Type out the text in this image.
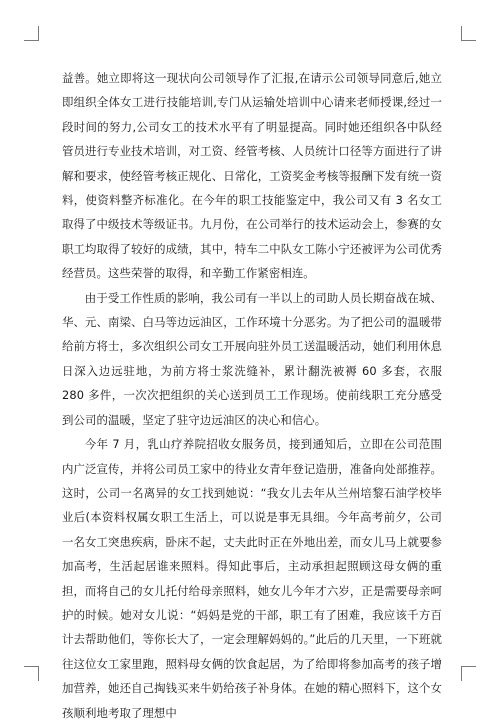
益善。她立即将这一现状向公司领导作了汇报,在请示公司领导同意后,她立即组织全体女工进行技能培训,专门从运输处培训中心请来老师授课,经过一段时间的努力,公司女工的技术水平有了明显提高。同时她还组织各中队经管员进行专业技术培训，对工资、经管考核、人员统计口径等方面进行了讲解和要求，使经管考核正规化、日常化，工资奖金考核等报酬下发有统一资料，使资料整齐标准化。在今年的职工技能鉴定中，我公司又有 3 名女工取得了中级技术等级证书。九月份，在公司举行的技术运动会上，参赛的女职工均取得了较好的成绩，其中，特车二中队女工陈小宁还被评为公司优秀经营员。这些荣誉的取得，和辛勤工作紧密相连。

由于受工作性质的影响，我公司有一半以上的司助人员长期奋战在城、华、元、南梁、白马等边远油区，工作环境十分恶劣。为了把公司的温暖带给前方将士，多次组织公司女工开展向驻外员工送温暖活动，她们利用休息日深入边远驻地，为前方将士浆洗缝补，累计翻洗被褥 60 多套，衣服 280 多件，一次次把组织的关心送到员工工作现场。使前线职工充分感受到公司的温暖，坚定了驻守边远油区的决心和信心。

今年 7 月，乳山疗养院招收女服务员，接到通知后，立即在公司范围内广泛宣传，并将公司员工家中的待业女青年登记造册，准备向处部推荐。这时，公司一名离异的女工找到她说：“我女儿去年从兰州培黎石油学校毕业后(本资料权属女职工生活上，可以说是事无具细。今年高考前夕，公司一名女工突患疾病，卧床不起，丈夫此时正在外地出差，而女儿马上就要参加高考，生活起居谁来照料。得知此事后，主动承担起照顾这母女俩的重担，而将自己的女儿托付给母亲照料，她女儿今年才六岁，正是需要母亲呵护的时候。她对女儿说：“妈妈是党的干部，职工有了困难，我应该千方百计去帮助他们，等你长大了，一定会理解妈妈的。”此后的几天里，一下班就往这位女工家里跑，照料母女俩的饮食起居，为了给即将参加高考的孩子增加营养，她还自己掏钱买来牛奶给孩子补身体。在她的精心照料下，这个女孩顺利地考取了理想中
